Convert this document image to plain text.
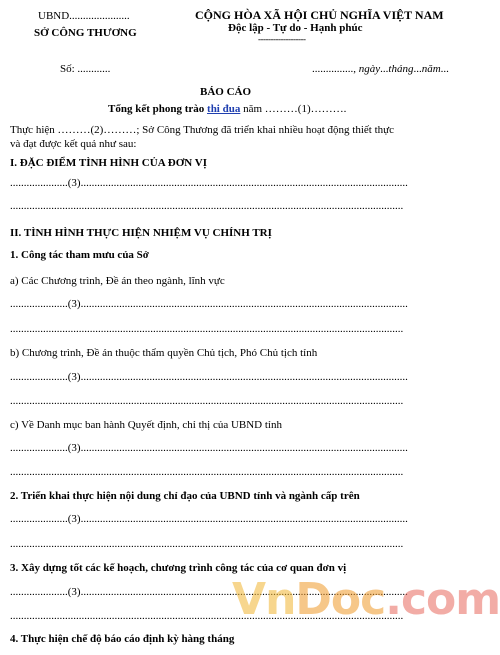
UBND......................
SỞ CÔNG THƯƠNG
CỘNG HÒA XÃ HỘI CHỦ NGHĨA VIỆT NAM
Độc lập - Tự do - Hạnh phúc
-------------------
Số: ............	..............., ngày...tháng...năm...
BÁO CÁO
Tổng kết phong trào thi đua năm ………(1)……….
Thực hiện ………(2)………; Sở Công Thương đã triển khai nhiều hoạt động thiết thực
và đạt được kết quả như sau:
I. ĐẶC ĐIỂM TÌNH HÌNH CỦA ĐƠN VỊ
.....................(3).......................................................................................................................
...............................................................................................................................................
II. TÌNH HÌNH THỰC HIỆN NHIỆM VỤ CHÍNH TRỊ
1. Công tác tham mưu của Sở
a) Các Chương trình, Đề án theo ngành, lĩnh vực
.....................(3).......................................................................................................................
...............................................................................................................................................
b) Chương trình, Đề án thuộc thẩm quyền Chủ tịch, Phó Chủ tịch tỉnh
.....................(3).......................................................................................................................
...............................................................................................................................................
c) Về Danh mục ban hành Quyết định, chỉ thị của UBND tỉnh
.....................(3).......................................................................................................................
...............................................................................................................................................
2. Triển khai thực hiện nội dung chỉ đạo của UBND tỉnh và ngành cấp trên
.....................(3).......................................................................................................................
...............................................................................................................................................
3. Xây dựng tốt các kế hoạch, chương trình công tác của cơ quan đơn vị
.....................(3).......................................................................................................................
...............................................................................................................................................
4. Thực hiện chế độ báo cáo định kỳ hàng tháng
VnDoc.com
